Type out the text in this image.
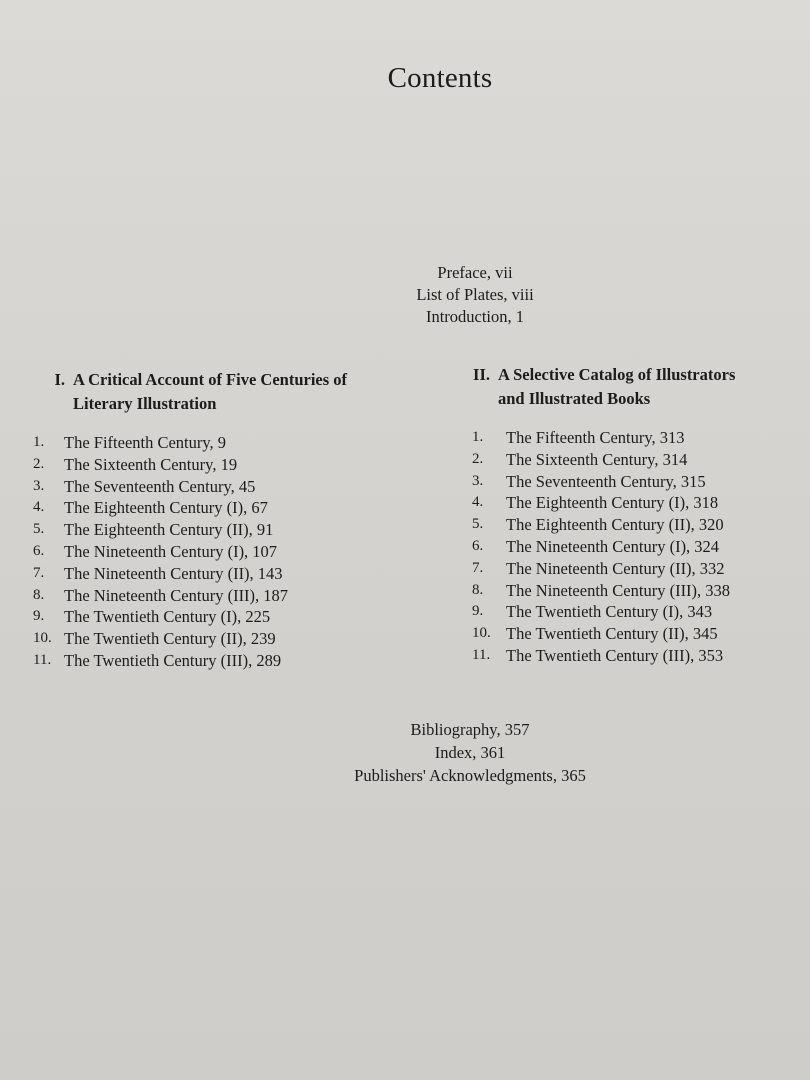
Contents
Preface, vii
List of Plates, viii
Introduction, 1
I. A Critical Account of Five Centuries of
Literary Illustration
1.	The Fifteenth Century, 9
2.	The Sixteenth Century, 19
3.	The Seventeenth Century, 45
4.	The Eighteenth Century (I), 67
5.	The Eighteenth Century (II), 91
6.	The Nineteenth Century (I), 107
7.	The Nineteenth Century (II), 143
8.	The Nineteenth Century (III), 187
9.	The Twentieth Century (I), 225
10. The Twentieth Century (II), 239
11. The Twentieth Century (III), 289
II. A Selective Catalog of Illustrators
and Illustrated Books
1.	The Fifteenth Century, 313
2.	The Sixteenth Century, 314
3.	The Seventeenth Century, 315
4.	The Eighteenth Century (I), 318
5.	The Eighteenth Century (II), 320
6.	The Nineteenth Century (I), 324
7.	The Nineteenth Century (II), 332
8.	The Nineteenth Century (III), 338
9.	The Twentieth Century (I), 343
10. The Twentieth Century (II), 345
11. The Twentieth Century (III), 353
Bibliography, 357
Index, 361
Publishers' Acknowledgments, 365
